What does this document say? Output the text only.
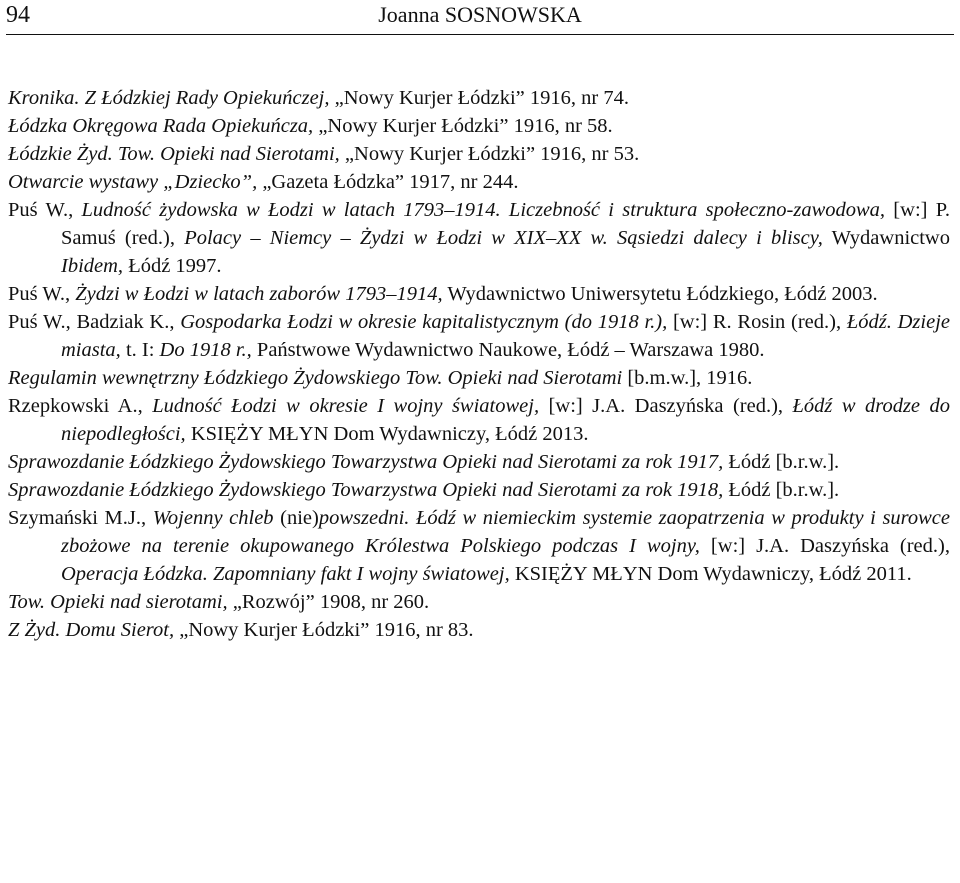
94	Joanna SOSNOWSKA
Kronika. Z Łódzkiej Rady Opiekuńczej, „Nowy Kurjer Łódzki” 1916, nr 74.
Łódzka Okręgowa Rada Opiekuńcza, „Nowy Kurjer Łódzki” 1916, nr 58.
Łódzkie Żyd. Tow. Opieki nad Sierotami, „Nowy Kurjer Łódzki” 1916, nr 53.
Otwarcie wystawy „Dziecko”, „Gazeta Łódzka” 1917, nr 244.
Puś W., Ludność żydowska w Łodzi w latach 1793–1914. Liczebność i struktura społeczno-zawodowa, [w:] P. Samuś (red.), Polacy – Niemcy – Żydzi w Łodzi w XIX–XX w. Sąsiedzi dalecy i bliscy, Wydawnictwo Ibidem, Łódź 1997.
Puś W., Żydzi w Łodzi w latach zaborów 1793–1914, Wydawnictwo Uniwersytetu Łódzkiego, Łódź 2003.
Puś W., Badziak K., Gospodarka Łodzi w okresie kapitalistycznym (do 1918 r.), [w:] R. Rosin (red.), Łódź. Dzieje miasta, t. I: Do 1918 r., Państwowe Wydawnictwo Naukowe, Łódź – Warszawa 1980.
Regulamin wewnętrzny Łódzkiego Żydowskiego Tow. Opieki nad Sierotami [b.m.w.], 1916.
Rzepkowski A., Ludność Łodzi w okresie I wojny światowej, [w:] J.A. Daszyńska (red.), Łódź w drodze do niepodległości, KSIĘŻY MŁYN Dom Wydawniczy, Łódź 2013.
Sprawozdanie Łódzkiego Żydowskiego Towarzystwa Opieki nad Sierotami za rok 1917, Łódź [b.r.w.].
Sprawozdanie Łódzkiego Żydowskiego Towarzystwa Opieki nad Sierotami za rok 1918, Łódź [b.r.w.].
Szymański M.J., Wojenny chleb (nie)powszedni. Łódź w niemieckim systemie zaopatrzenia w produkty i surowce zbożowe na terenie okupowanego Królestwa Polskiego podczas I wojny, [w:] J.A. Daszyńska (red.), Operacja Łódzka. Zapomniany fakt I wojny światowej, KSIĘŻY MŁYN Dom Wydawniczy, Łódź 2011.
Tow. Opieki nad sierotami, „Rozwój” 1908, nr 260.
Z Żyd. Domu Sierot, „Nowy Kurjer Łódzki” 1916, nr 83.
